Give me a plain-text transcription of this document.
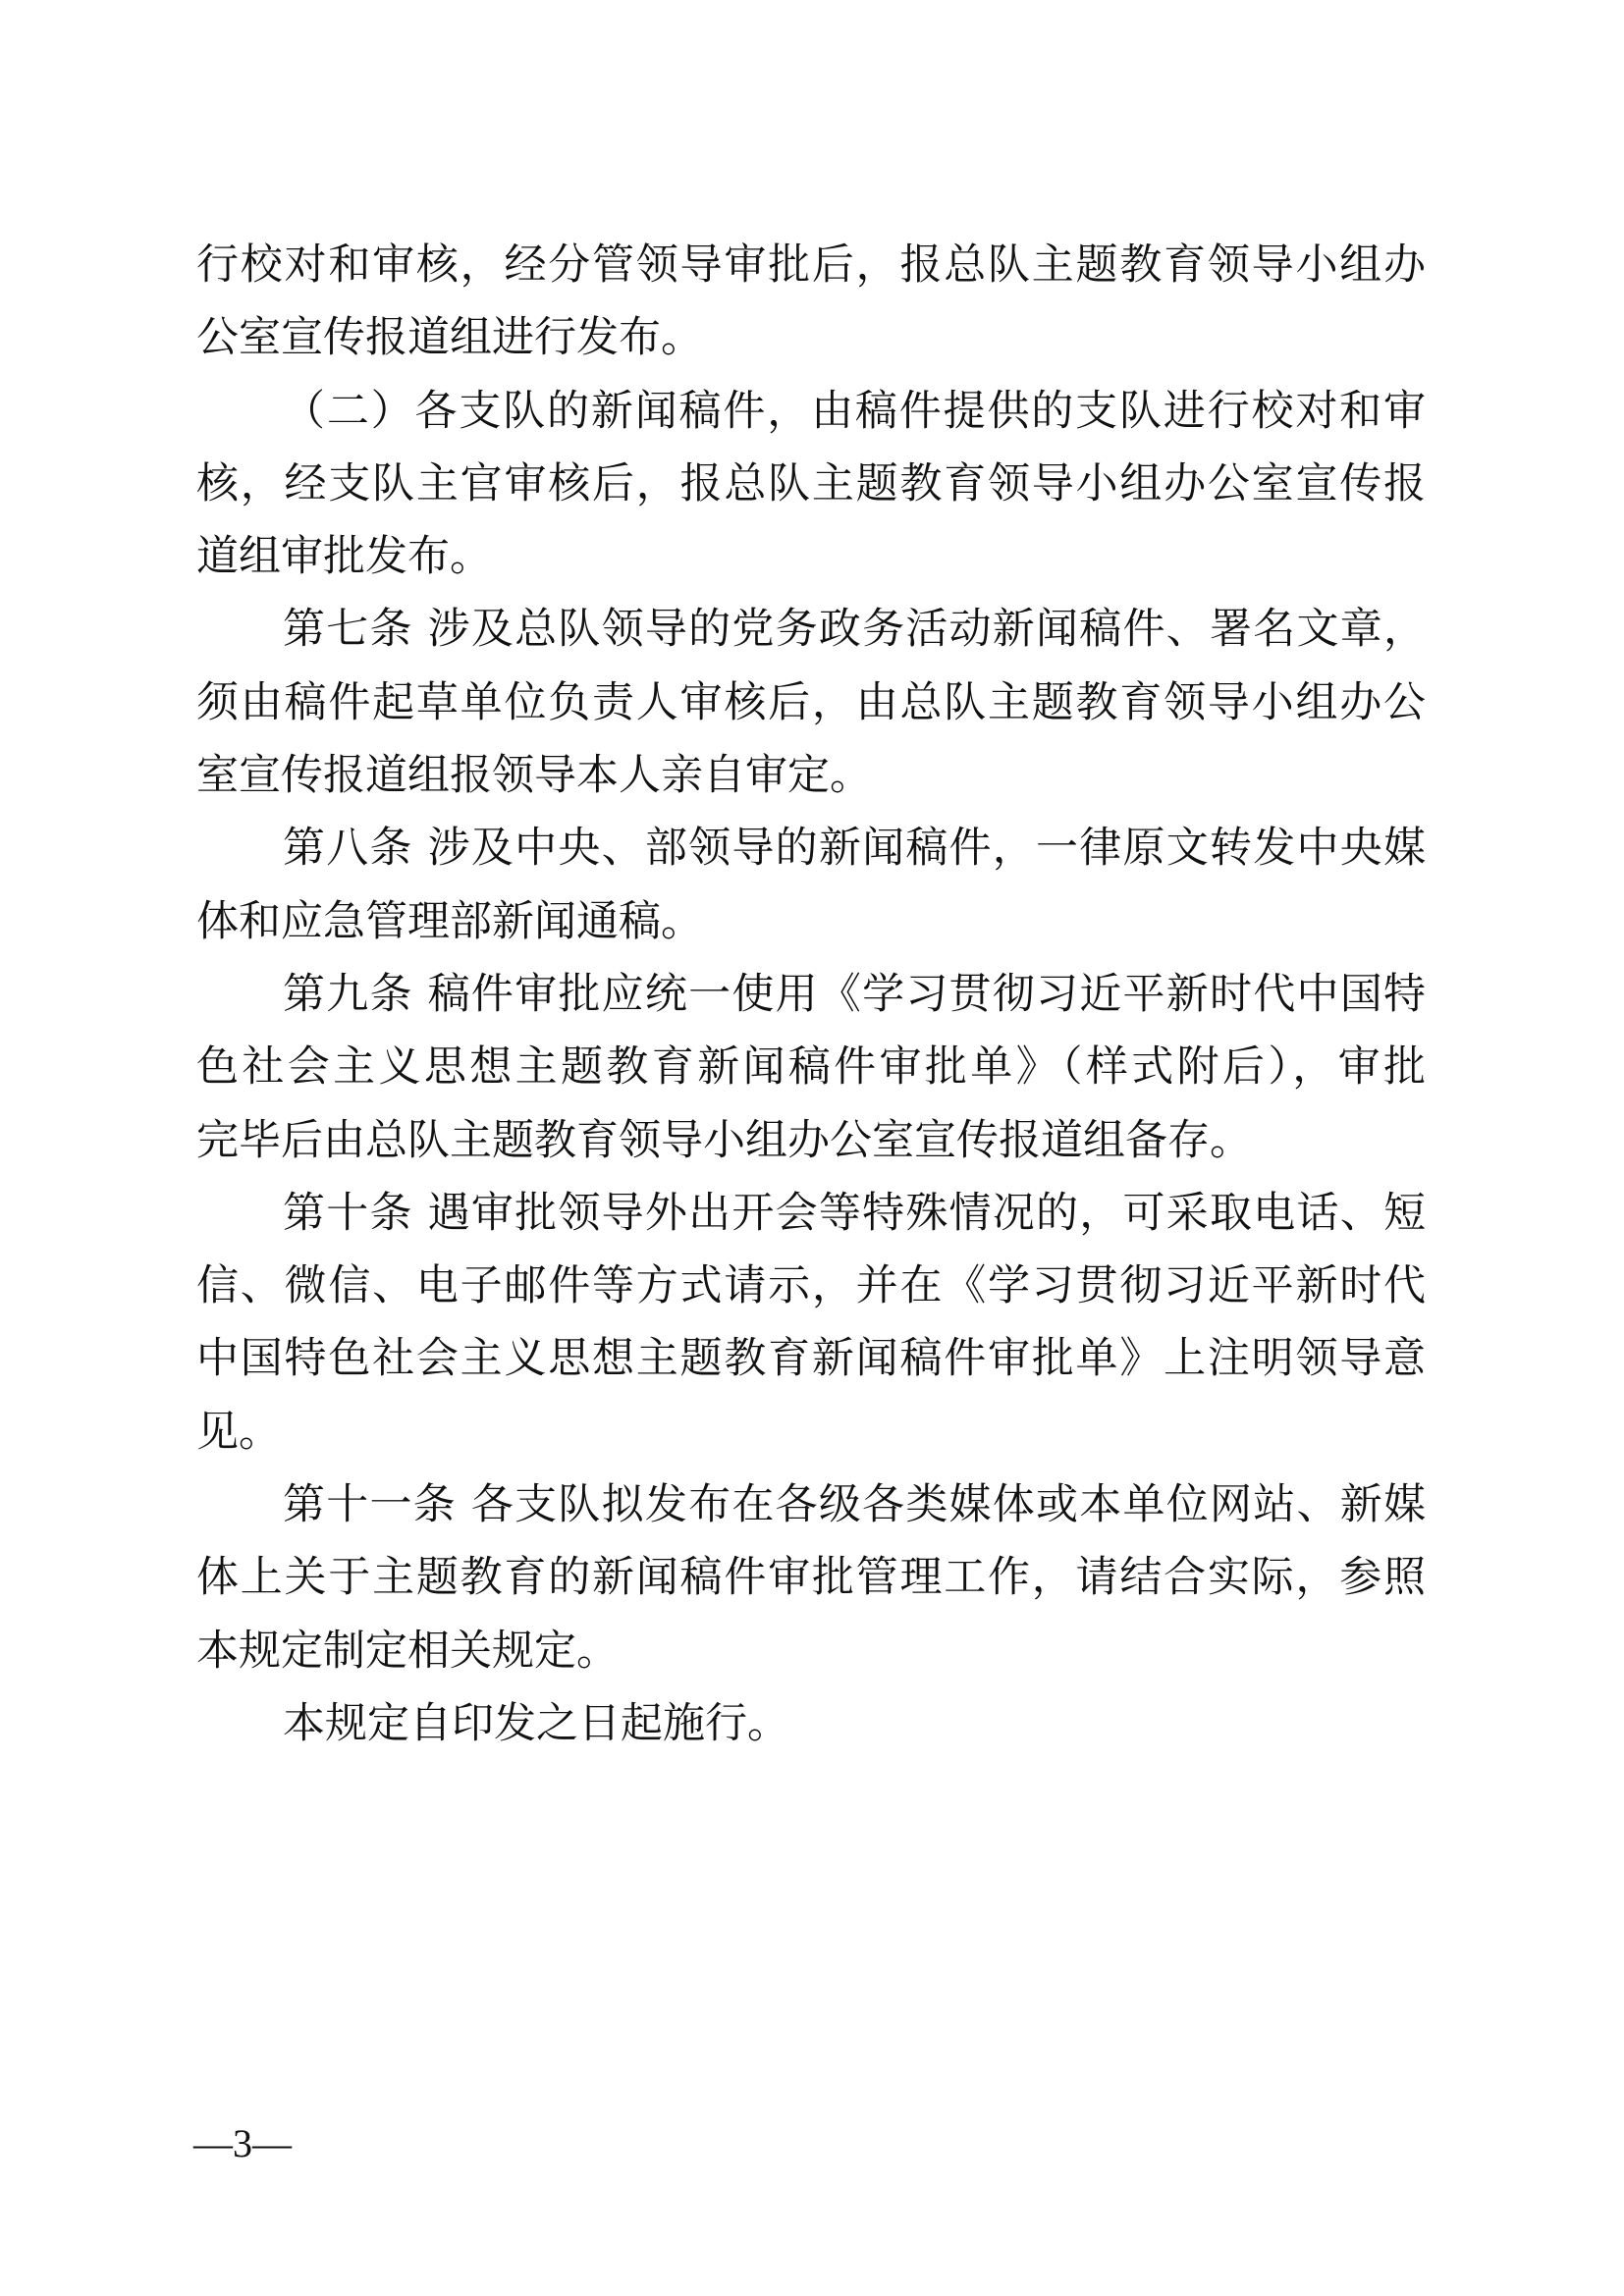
行校对和审核，经分管领导审批后，报总队主题教育领导小组办
公室宣传报道组进行发布。
（二）各支队的新闻稿件，由稿件提供的支队进行校对和审
核，经支队主官审核后，报总队主题教育领导小组办公室宣传报
道组审批发布。
第七条 涉及总队领导的党务政务活动新闻稿件、署名文章，
须由稿件起草单位负责人审核后，由总队主题教育领导小组办公
室宣传报道组报领导本人亲自审定。
第八条 涉及中央、部领导的新闻稿件，一律原文转发中央媒
体和应急管理部新闻通稿。
第九条 稿件审批应统一使用《学习贯彻习近平新时代中国特
色社会主义思想主题教育新闻稿件审批单》（样式附后），审批
完毕后由总队主题教育领导小组办公室宣传报道组备存。
第十条 遇审批领导外出开会等特殊情况的，可采取电话、短
信、微信、电子邮件等方式请示，并在《学习贯彻习近平新时代
中国特色社会主义思想主题教育新闻稿件审批单》上注明领导意
见。
第十一条 各支队拟发布在各级各类媒体或本单位网站、新媒
体上关于主题教育的新闻稿件审批管理工作，请结合实际，参照
本规定制定相关规定。
本规定自印发之日起施行。
—3—
